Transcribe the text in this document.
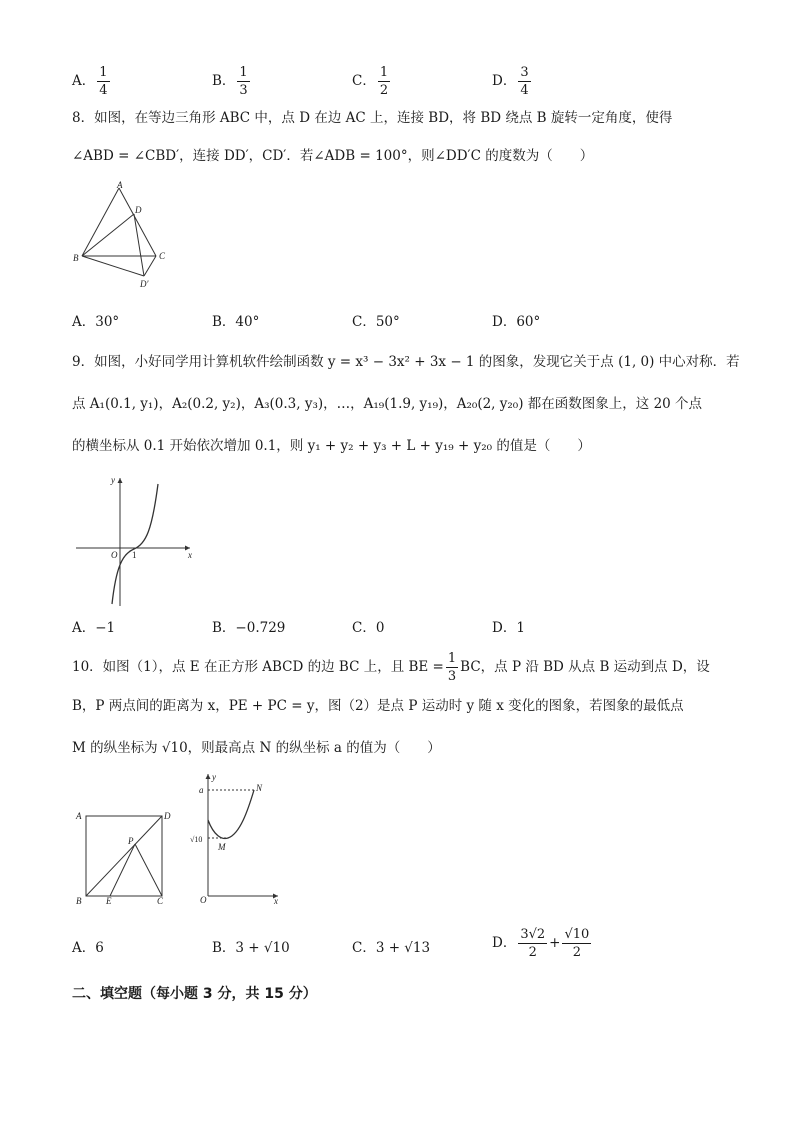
A． $\frac{1}{4}$	B． $\frac{1}{3}$	C． $\frac{1}{2}$	D． $\frac{3}{4}$
8．如图，在等边三角形 ABC 中，点 D 在边 AC 上，连接 BD，将 BD 绕点 B 旋转一定角度，使得
∠ABD = ∠CBD′，连接 DD′，CD′．若∠ADB = 100°，则∠DD′C 的度数为（　　）
A
B	C
D
D′
A．30°	B．40°	C．50°	D．60°
9．如图，小好同学用计算机软件绘制函数 y = x³ − 3x² + 3x − 1 的图象，发现它关于点 (1, 0) 中心对称．若
点 A₁(0.1, y₁)，A₂(0.2, y₂)，A₃(0.3, y₃)，…，A₁₉(1.9, y₁₉)，A₂₀(2, y₂₀) 都在函数图象上，这 20 个点
的横坐标从 0.1 开始依次增加 0.1，则 y₁ + y₂ + y₃ + L + y₁₉ + y₂₀ 的值是（　　）
y
x
O 1
A．−1	B．−0.729	C．0	D．1
10．如图（1），点 E 在正方形 ABCD 的边 BC 上，且 BE = $\frac{1}{3}$ BC，点 P 沿 BD 从点 B 运动到点 D，设
B，P 两点间的距离为 x，PE + PC = y，图（2）是点 P 运动时 y 随 x 变化的图象，若图象的最低点
M 的纵坐标为 √10，则最高点 N 的纵坐标 a 的值为（　　）
A	D
B	C
E
P
y
x
O
a	N
M
√10
A．6	B．3 + √10	C．3 + √13	D． $\frac{3√2}{2} + \frac{√10}{2}$
二、填空题（每小题 3 分，共 15 分）
